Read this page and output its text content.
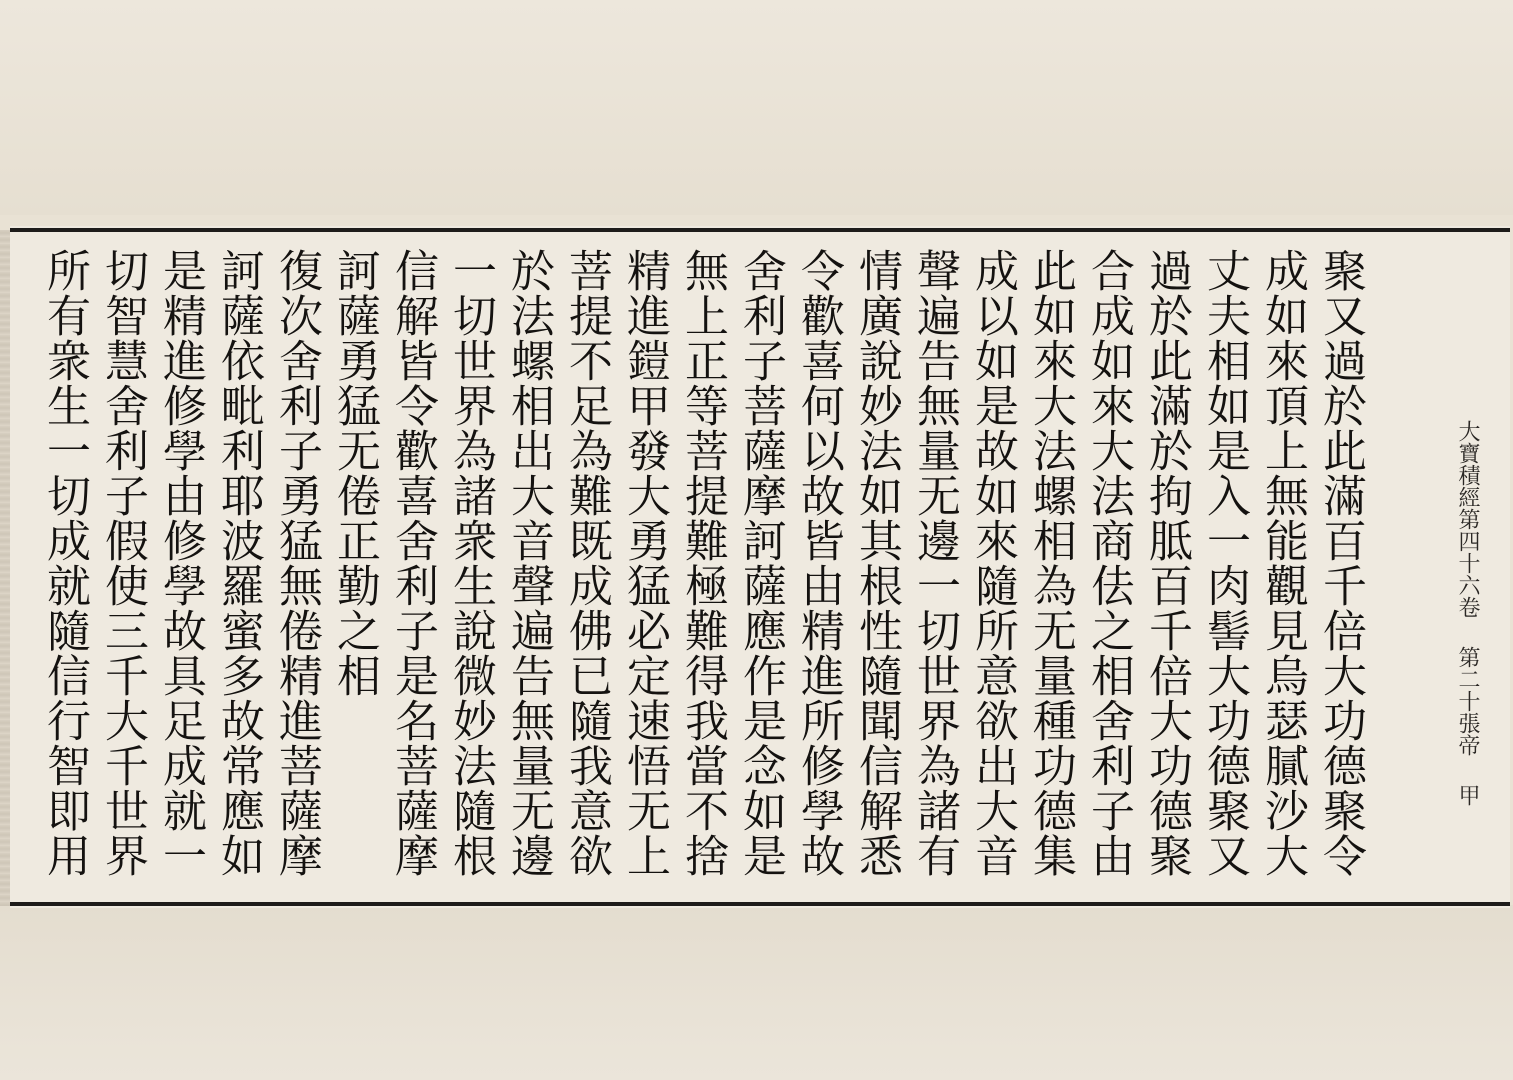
聚又過於此滿百千倍大功德聚令
成如來頂上無能觀見烏瑟膩沙大
丈夫相如是入一肉髻大功德聚又
過於此滿於拘胝百千倍大功德聚
合成如來大法商佉之相舍利子由
此如來大法螺相為无量種功德集
成以如是故如來隨所意欲出大音
聲遍告無量无邊一切世界為諸有
情廣說妙法如其根性隨聞信解悉
令歡喜何以故皆由精進所修學故
舍利子菩薩摩訶薩應作是念如是
無上正等菩提難極難得我當不捨
精進鎧甲發大勇猛必定速悟无上
菩提不足為難既成佛已隨我意欲
於法螺相出大音聲遍告無量无邊
一切世界為諸衆生說微妙法隨根
信解皆令歡喜舍利子是名菩薩摩
訶薩勇猛无倦正勤之相
復次舍利子勇猛無倦精進菩薩摩
訶薩依毗利耶波羅蜜多故常應如
是精進修學由修學故具足成就一
切智慧舍利子假使三千大千世界	大寶積經第四十六卷第二十張帝甲
所有衆生一切成就隨信行智即用
